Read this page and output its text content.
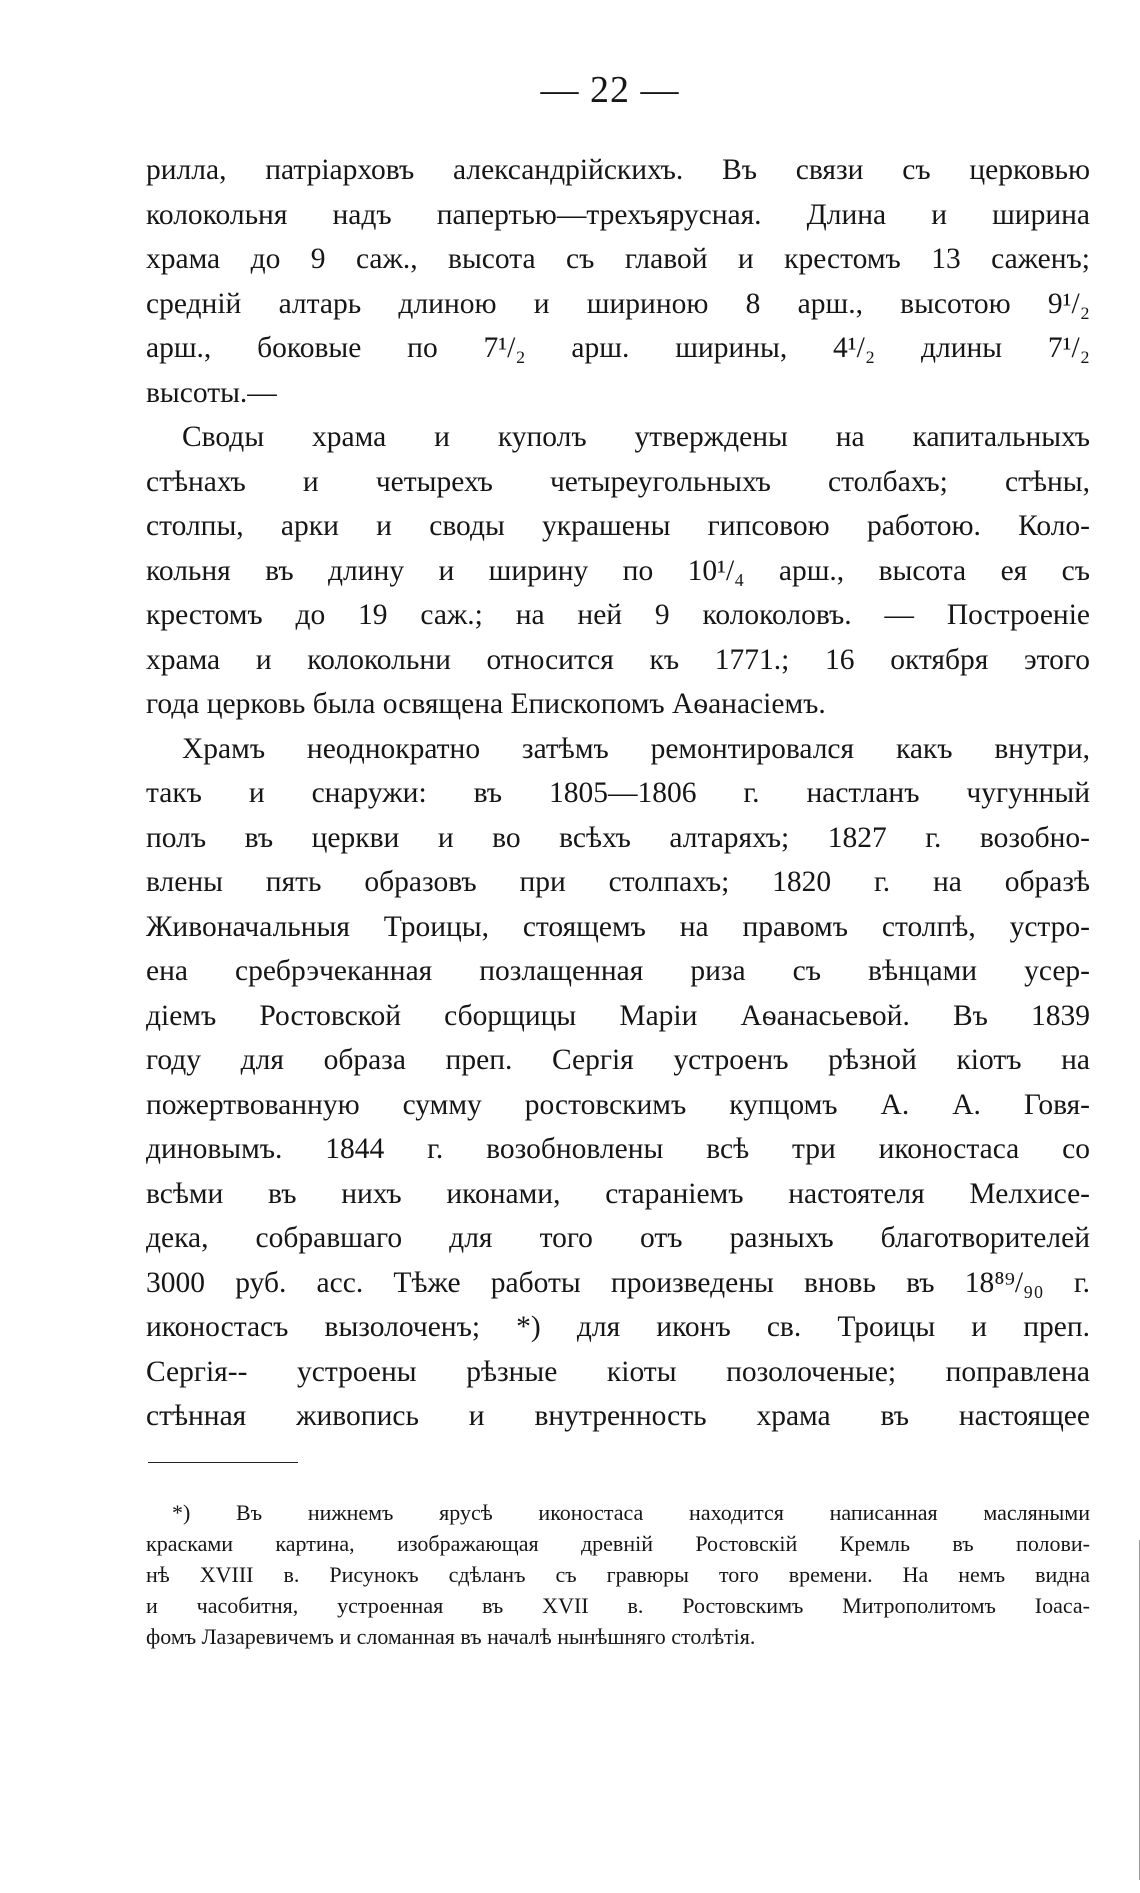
— 22 —
рилла, патріарховъ александрійскихъ. Въ связи съ церковью
колокольня надъ папертью—трехъярусная. Длина и ширина
храма до 9 саж., высота съ главой и крестомъ 13 саженъ;
средній алтарь длиною и шириною 8 арш., высотою 9¹/₂
арш., боковые по 7¹/₂ арш. ширины, 4¹/₂ длины 7¹/₂
высоты.—
Своды храма и куполъ утверждены на капитальныхъ
стѣнахъ и четырехъ четыреугольныхъ столбахъ; стѣны,
столпы, арки и своды украшены гипсовою работою. Коло-
кольня въ длину и ширину по 10¹/₄ арш., высота ея съ
крестомъ до 19 саж.; на ней 9 колоколовъ. — Построеніе
храма и колокольни относится къ 1771.; 16 октября этого
года церковь была освящена Епископомъ Аѳанасіемъ.
Храмъ неоднократно затѣмъ ремонтировался какъ внутри,
такъ и снаружи: въ 1805—1806 г. настланъ чугунный
полъ въ церкви и во всѣхъ алтаряхъ; 1827 г. возобно-
влены пять образовъ при столпахъ; 1820 г. на образѣ
Живоначальныя Троицы, стоящемъ на правомъ столпѣ, устро-
ена сребрэчеканная позлащенная риза съ вѣнцами усер-
діемъ Ростовской сборщицы Маріи Аѳанасьевой. Въ 1839
году для образа преп. Сергія устроенъ рѣзной кіотъ на
пожертвованную сумму ростовскимъ купцомъ А. А. Говя-
диновымъ. 1844 г. возобновлены всѣ три иконостаса со
всѣми въ нихъ иконами, стараніемъ настоятеля Мелхисе-
дека, собравшаго для того отъ разныхъ благотворителей
3000 руб. асс. Тѣже работы произведены вновь въ 18⁸⁹/₉₀ г.
иконостасъ вызолоченъ; *) для иконъ св. Троицы и преп.
Сергія-- устроены рѣзные кіоты позолоченые; поправлена
стѣнная живопись и внутренность храма въ настоящее
*) Въ нижнемъ ярусѣ иконостаса находится написанная масляными
красками картина, изображающая древній Ростовскій Кремль въ полови-
нѣ XVIII в. Рисунокъ сдѣланъ съ гравюры того времени. На немъ видна
и часобитня, устроенная въ XVII в. Ростовскимъ Митрополитомъ Іоаса-
фомъ Лазаревичемъ и сломанная въ началѣ нынѣшняго столѣтія.
